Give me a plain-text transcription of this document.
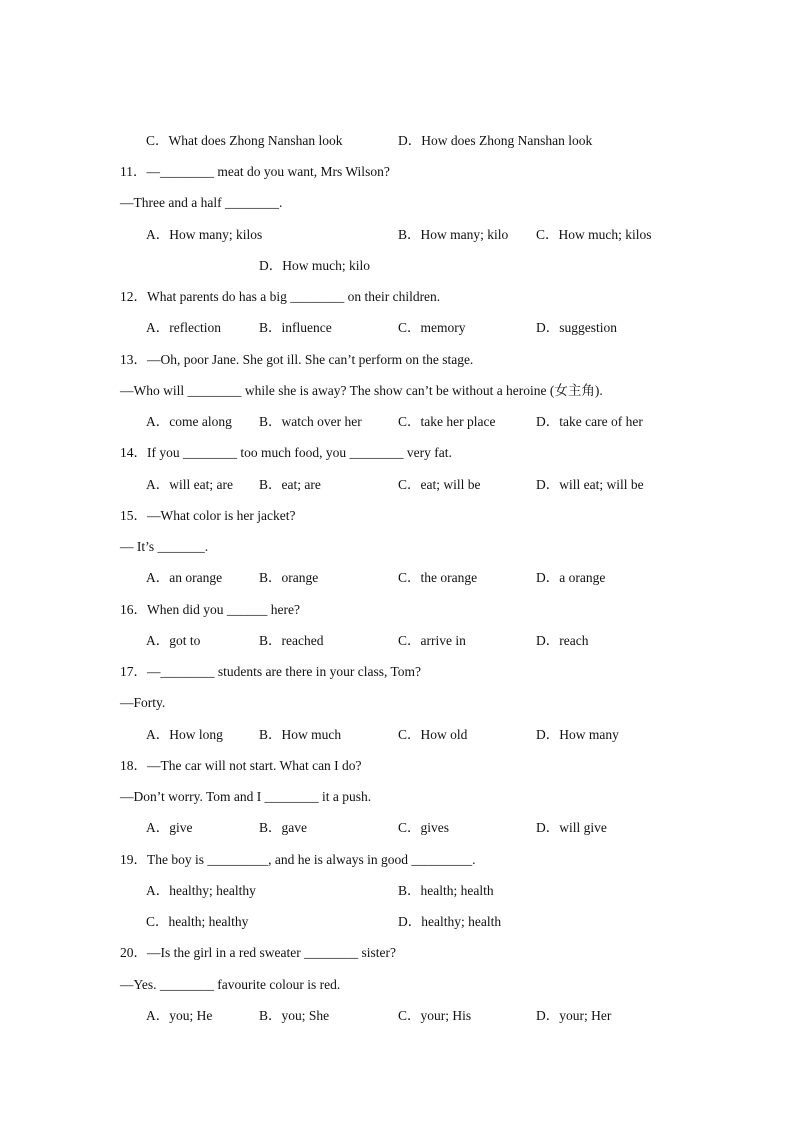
C．What does Zhong Nanshan look	D．How does Zhong Nanshan look
11．—________ meat do you want, Mrs Wilson?
—Three and a half ________.
A．How many; kilos	B．How many; kilo C．How much; kilos
D．How much; kilo
12．What parents do has a big ________ on their children.
A．reflection	B．influence	C．memory	D．suggestion
13．—Oh, poor Jane. She got ill. She can’t perform on the stage.
—Who will ________ while she is away? The show can’t be without a heroine (女主角).
A．come along B．watch over her	C．take her place	D．take care of her
14．If you ________ too much food, you ________ very fat.
A．will eat; are B．eat; are	C．eat; will be	D．will eat; will be
15．—What color is her jacket?
— It’s _______.
A．an orange	B．orange	C．the orange	D．a orange
16．When did you ______ here?
A．got to	B．reached	C．arrive in	D．reach
17．—________ students are there in your class, Tom?
—Forty.
A．How long	B．How much	C．How old	D．How many
18．—The car will not start. What can I do?
—Don’t worry. Tom and I ________ it a push.
A．give	B．gave	C．gives	D．will give
19．The boy is _________, and he is always in good _________.
A．healthy; healthy	B．health; health
C．health; healthy	D．healthy; health
20．—Is the girl in a red sweater ________ sister?
—Yes. ________ favourite colour is red.
A．you; He	B．you; She	C．your; His	D．your; Her
